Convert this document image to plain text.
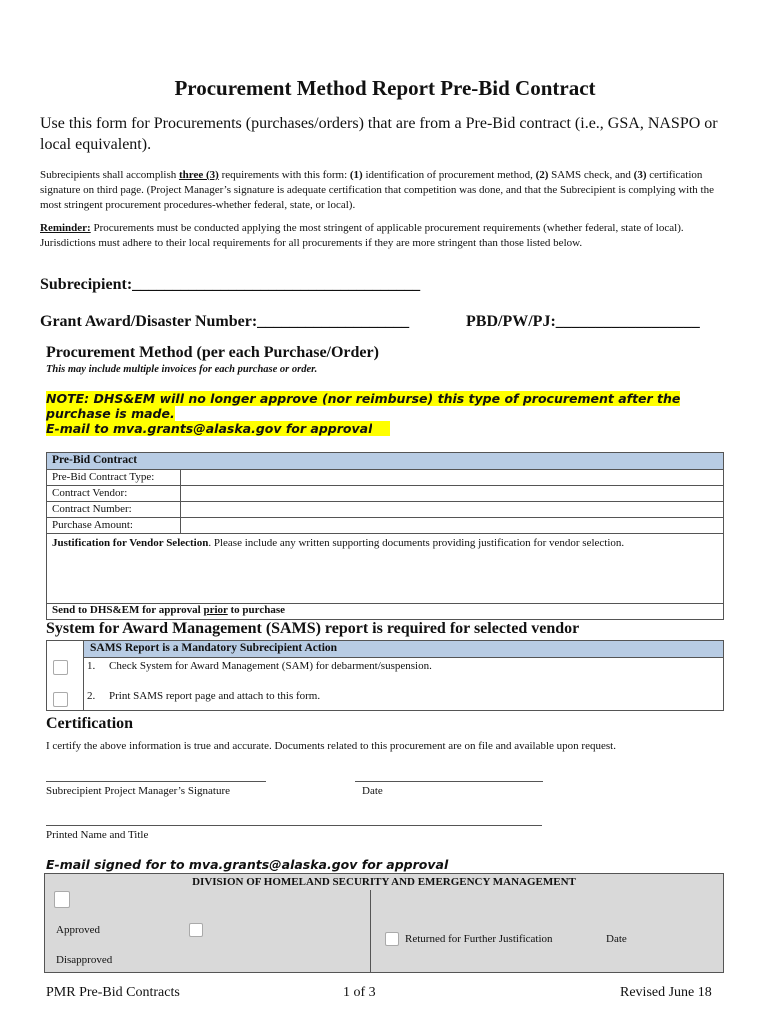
Procurement Method Report Pre-Bid Contract
Use this form for Procurements (purchases/orders) that are from a Pre-Bid contract (i.e., GSA, NASPO or local equivalent).
Subrecipients shall accomplish three (3) requirements with this form: (1) identification of procurement method, (2) SAMS check, and (3) certification signature on third page. (Project Manager’s signature is adequate certification that competition was done, and that the Subrecipient is complying with the most stringent procurement procedures-whether federal, state, or local).
Reminder: Procurements must be conducted applying the most stringent of applicable procurement requirements (whether federal, state of local). Jurisdictions must adhere to their local requirements for all procurements if they are more stringent than those listed below.
Subrecipient:____________________________________
Grant Award/Disaster Number:___________________	PBD/PW/PJ:__________________
Procurement Method (per each Purchase/Order)
This may include multiple invoices for each purchase or order.
NOTE: DHS&EM will no longer approve (nor reimburse) this type of procurement after the
purchase is made.
E-mail to mva.grants@alaska.gov for approval
Pre-Bid Contract
Pre-Bid Contract Type:
Contract Vendor:
Contract Number:
Purchase Amount:
Justification for Vendor Selection. Please include any written supporting documents providing justification for vendor selection.
Send to DHS&EM for approval prior to purchase
System for Award Management (SAMS) report is required for selected vendor
SAMS Report is a Mandatory Subrecipient Action
1. Check System for Award Management (SAM) for debarment/suspension.
2. Print SAMS report page and attach to this form.
Certification
I certify the above information is true and accurate. Documents related to this procurement are on file and available upon request.
Subrecipient Project Manager’s Signature	Date
Printed Name and Title
E-mail signed for to mva.grants@alaska.gov for approval
DIVISION OF HOMELAND SECURITY AND EMERGENCY MANAGEMENT
Approved
Disapproved
Returned for Further Justification	Date
PMR Pre-Bid Contracts	1 of 3	Revised June 18
